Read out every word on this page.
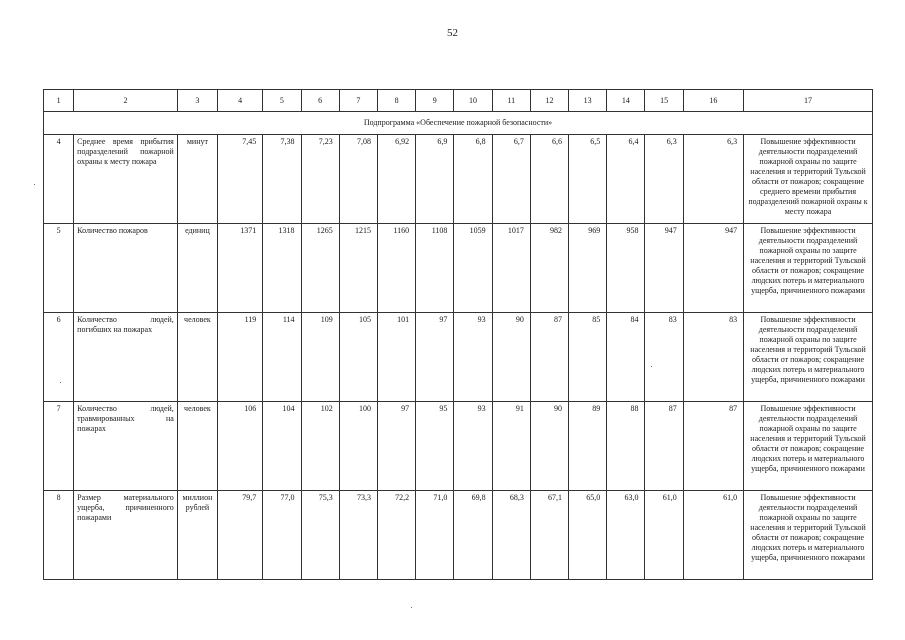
52
1	2	3	4	5	6	7	8	9	10	11	12	13	14	15	16	17
Подпрограмма «Обеспечение пожарной безопасности»																
4	Среднее время прибытия подразделений пожарной охраны к месту пожара	минут	7,45	7,38	7,23	7,08	6,92	6,9	6,8	6,7	6,6	6,5	6,4	6,3	6,3	Повышение эффективности деятельности подразделений пожарной охраны по защите населения и территорий Тульской области от пожаров; сокращение среднего времени прибытия подразделений пожарной охраны к месту пожара
5	Количество пожаров	единиц	1371	1318	1265	1215	1160	1108	1059	1017	982	969	958	947	947	Повышение эффективности деятельности подразделений пожарной охраны по защите населения и территорий Тульской области от пожаров; сокращение людских потерь и материального ущерба, причиненного пожарами
6	Количество людей, погибших на пожарах	человек	119	114	109	105	101	97	93	90	87	85	84	83	83	Повышение эффективности деятельности подразделений пожарной охраны по защите населения и территорий Тульской области от пожаров; сокращение людских потерь и материального ущерба, причиненного пожарами
7	Количество людей, травмированных на пожарах	человек	106	104	102	100	97	95	93	91	90	89	88	87	87	Повышение эффективности деятельности подразделений пожарной охраны по защите населения и территорий Тульской области от пожаров; сокращение людских потерь и материального ущерба, причиненного пожарами
8	Размер материального ущерба, причиненного пожарами	миллион рублей	79,7	77,0	75,3	73,3	72,2	71,0	69,8	68,3	67,1	65,0	63,0	61,0	61,0	Повышение эффективности деятельности подразделений пожарной охраны по защите населения и территорий Тульской области от пожаров; сокращение людских потерь и материального ущерба, причиненного пожарами
